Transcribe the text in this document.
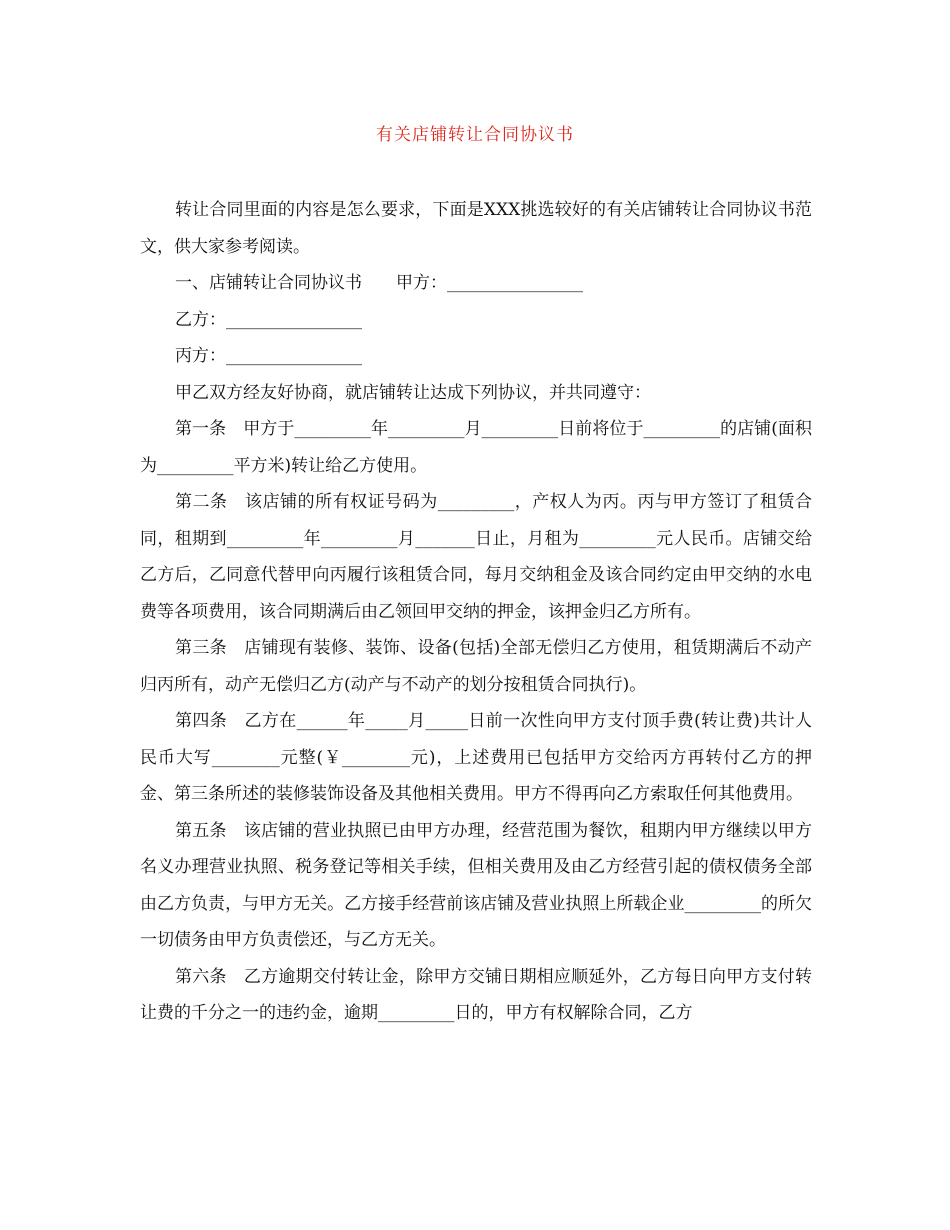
有关店铺转让合同协议书

转让合同里面的内容是怎么要求，下面是XXX挑选较好的有关店铺转让合同协议书范文，供大家参考阅读。

一、店铺转让合同协议书　　甲方：________________

乙方：________________

丙方：________________

甲乙双方经友好协商，就店铺转让达成下列协议，并共同遵守：

第一条　甲方于_________年_________月_________日前将位于_________的店铺(面积为_________平方米)转让给乙方使用。

第二条　该店铺的所有权证号码为_________，产权人为丙。丙与甲方签订了租赁合同，租期到_________年_________月_______日止，月租为_________元人民币。店铺交给乙方后，乙同意代替甲向丙履行该租赁合同，每月交纳租金及该合同约定由甲交纳的水电费等各项费用，该合同期满后由乙领回甲交纳的押金，该押金归乙方所有。

第三条　店铺现有装修、装饰、设备(包括)全部无偿归乙方使用，租赁期满后不动产归丙所有，动产无偿归乙方(动产与不动产的划分按租赁合同执行)。

第四条　乙方在______年_____月_____日前一次性向甲方支付顶手费(转让费)共计人民币大写________元整(￥________元)，上述费用已包括甲方交给丙方再转付乙方的押金、第三条所述的装修装饰设备及其他相关费用。甲方不得再向乙方索取任何其他费用。

第五条　该店铺的营业执照已由甲方办理，经营范围为餐饮，租期内甲方继续以甲方名义办理营业执照、税务登记等相关手续，但相关费用及由乙方经营引起的债权债务全部由乙方负责，与甲方无关。乙方接手经营前该店铺及营业执照上所载企业_________的所欠一切债务由甲方负责偿还，与乙方无关。

第六条　乙方逾期交付转让金，除甲方交铺日期相应顺延外，乙方每日向甲方支付转让费的千分之一的违约金，逾期_________日的，甲方有权解除合同，乙方
